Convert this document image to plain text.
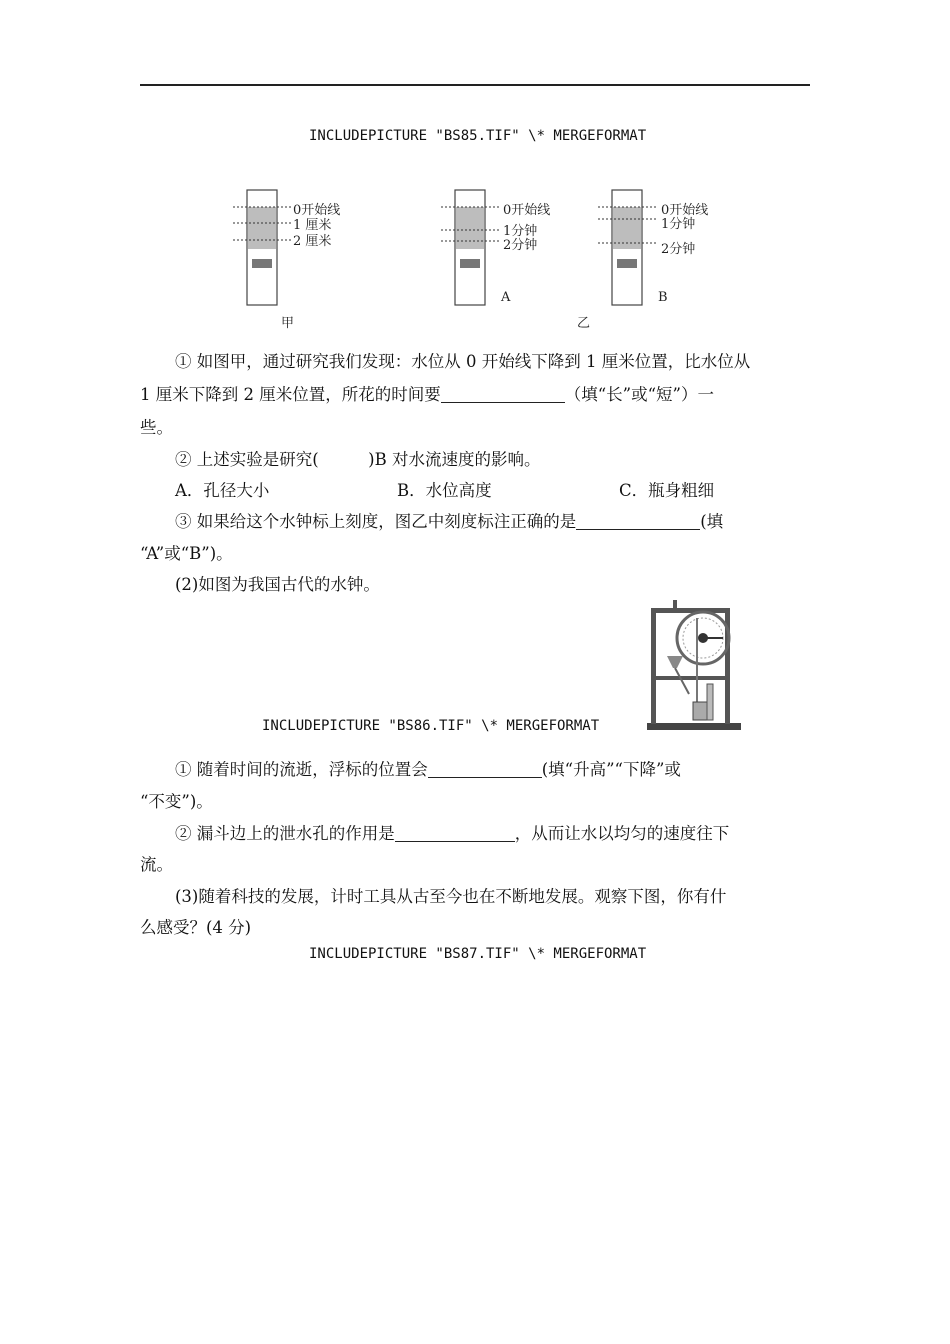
INCLUDEPICTURE "BS85.TIF" \* MERGEFORMAT
0开始线
1 厘米
2 厘米
甲
0开始线
1分钟
2分钟
A
0开始线
1分钟
2分钟
B
乙
① 如图甲，通过研究我们发现：水位从 0 开始线下降到 1 厘米位置，比水位从
1 厘米下降到 2 厘米位置，所花的时间要	（填“长”或“短”）一
些。
② 上述实验是研究(　　　)B 对水流速度的影响。
A．孔径大小	B．水位高度	C．瓶身粗细
③ 如果给这个水钟标上刻度，图乙中刻度标注正确的是	(填
“A”或“B”)。
(2)如图为我国古代的水钟。
INCLUDEPICTURE "BS86.TIF" \* MERGEFORMAT
① 随着时间的流逝，浮标的位置会	(填“升高”“下降”或
“不变”)。
② 漏斗边上的泄水孔的作用是	，从而让水以均匀的速度往下
流。
(3)随着科技的发展，计时工具从古至今也在不断地发展。观察下图，你有什
么感受？(4 分)
INCLUDEPICTURE "BS87.TIF" \* MERGEFORMAT
